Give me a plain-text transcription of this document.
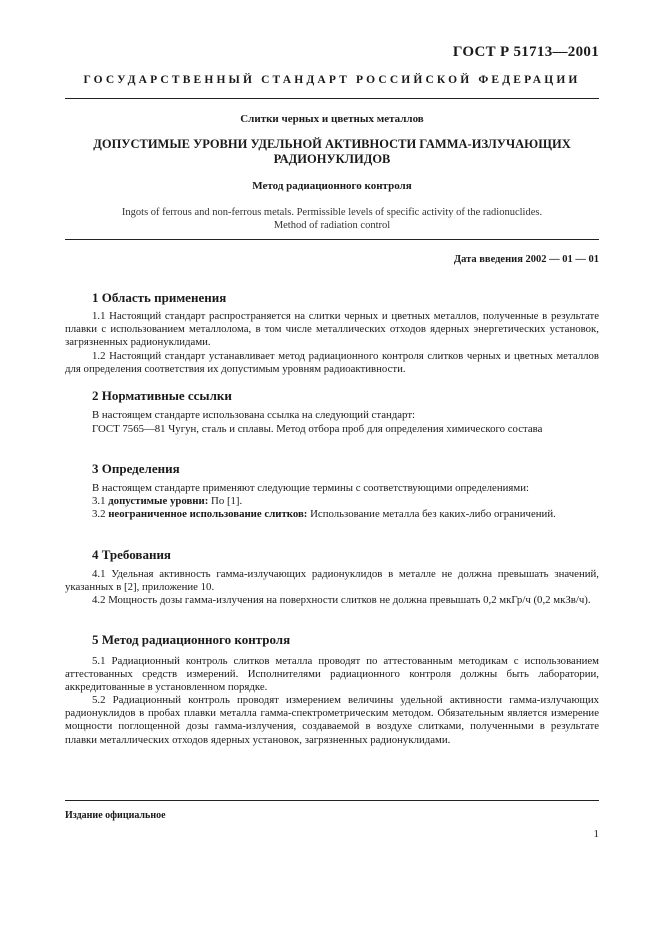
ГОСТ Р 51713—2001
ГОСУДАРСТВЕННЫЙ СТАНДАРТ РОССИЙСКОЙ ФЕДЕРАЦИИ
Слитки черных и цветных металлов
ДОПУСТИМЫЕ УРОВНИ УДЕЛЬНОЙ АКТИВНОСТИ ГАММА-ИЗЛУЧАЮЩИХ
РАДИОНУКЛИДОВ
Метод радиационного контроля
Ingots of ferrous and non-ferrous metals. Permissible levels of specific activity of the radionuclides.
Method of radiation control
Дата введения 2002 — 01 — 01
1 Область применения
1.1 Настоящий стандарт распространяется на слитки черных и цветных металлов, полученные в результате плавки с использованием металлолома, в том числе металлических отходов ядерных энергетических установок, загрязненных радионуклидами.
1.2 Настоящий стандарт устанавливает метод радиационного контроля слитков черных и цветных металлов для определения соответствия их допустимым уровням радиоактивности.
2 Нормативные ссылки
В настоящем стандарте использована ссылка на следующий стандарт:
ГОСТ 7565—81 Чугун, сталь и сплавы. Метод отбора проб для определения химического состава
3 Определения
В настоящем стандарте применяют следующие термины с соответствующими определениями:
3.1 допустимые уровни: По [1].
3.2 неограниченное использование слитков: Использование металла без каких-либо ограничений.
4 Требования
4.1 Удельная активность гамма-излучающих радионуклидов в металле не должна превышать значений, указанных в [2], приложение 10.
4.2 Мощность дозы гамма-излучения на поверхности слитков не должна превышать 0,2 мкГр/ч (0,2 мкЗв/ч).
5 Метод радиационного контроля
5.1 Радиационный контроль слитков металла проводят по аттестованным методикам с использованием аттестованных средств измерений. Исполнителями радиационного контроля должны быть лаборатории, аккредитованные в установленном порядке.
5.2 Радиационный контроль проводят измерением величины удельной активности гамма-излучающих радионуклидов в пробах плавки металла гамма-спектрометрическим методом. Обязательным является измерение мощности поглощенной дозы гамма-излучения, создаваемой в воздухе слитками, полученными в результате плавки металлических отходов ядерных установок, загрязненных радионуклидами.
Издание официальное
1
